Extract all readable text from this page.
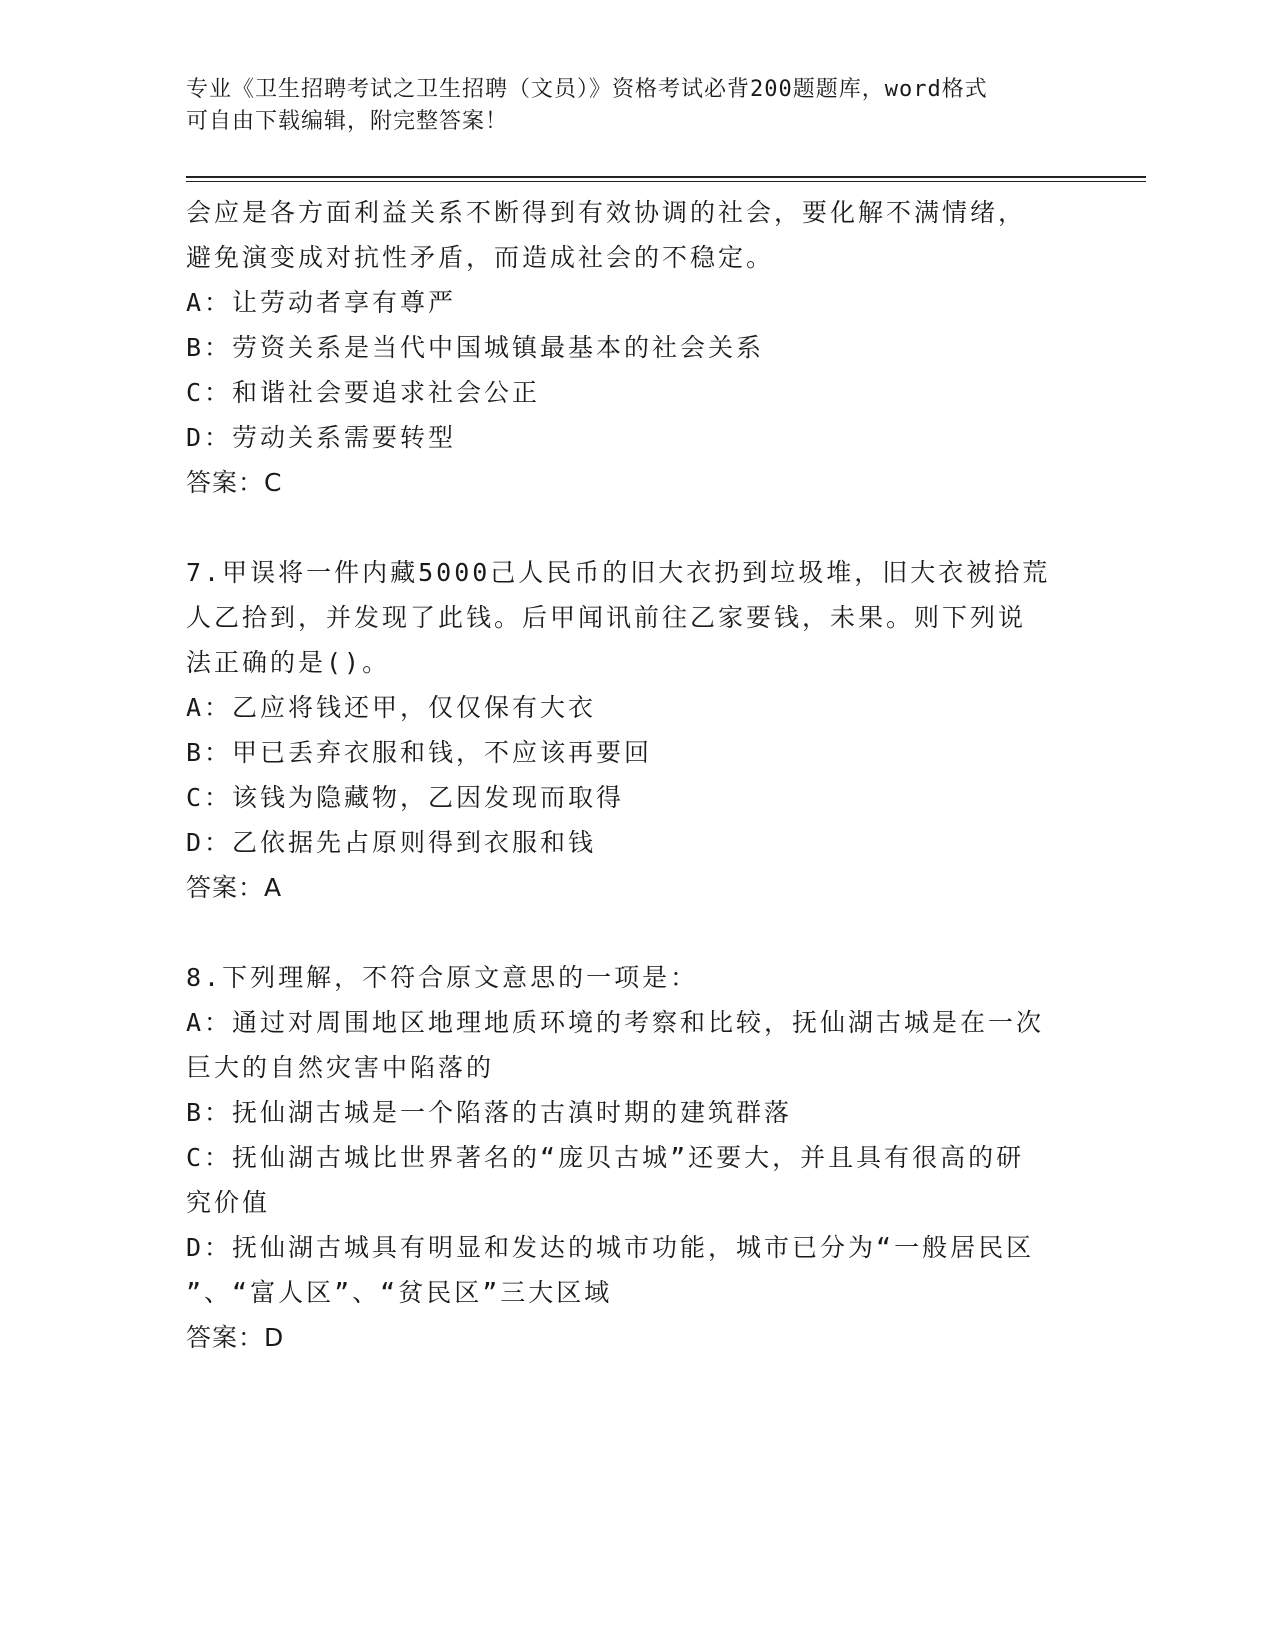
专业《卫生招聘考试之卫生招聘（文员）》资格考试必背200题题库，word格式
可自由下载编辑，附完整答案！

会应是各方面利益关系不断得到有效协调的社会，要化解不满情绪，

避免演变成对抗性矛盾，而造成社会的不稳定。

A：让劳动者享有尊严

B：劳资关系是当代中国城镇最基本的社会关系

C：和谐社会要追求社会公正

D：劳动关系需要转型

答案：C

7.甲误将一件内藏5000己人民币的旧大衣扔到垃圾堆，旧大衣被拾荒

人乙拾到，并发现了此钱。后甲闻讯前往乙家要钱，未果。则下列说

法正确的是()。

A：乙应将钱还甲，仅仅保有大衣

B：甲已丢弃衣服和钱，不应该再要回

C：该钱为隐藏物，乙因发现而取得

D：乙依据先占原则得到衣服和钱

答案：A

8.下列理解，不符合原文意思的一项是：

A：通过对周围地区地理地质环境的考察和比较，抚仙湖古城是在一次

巨大的自然灾害中陷落的

B：抚仙湖古城是一个陷落的古滇时期的建筑群落

C：抚仙湖古城比世界著名的“庞贝古城”还要大，并且具有很高的研

究价值

D：抚仙湖古城具有明显和发达的城市功能，城市已分为“一般居民区

”、“富人区”、“贫民区”三大区域

答案：D
